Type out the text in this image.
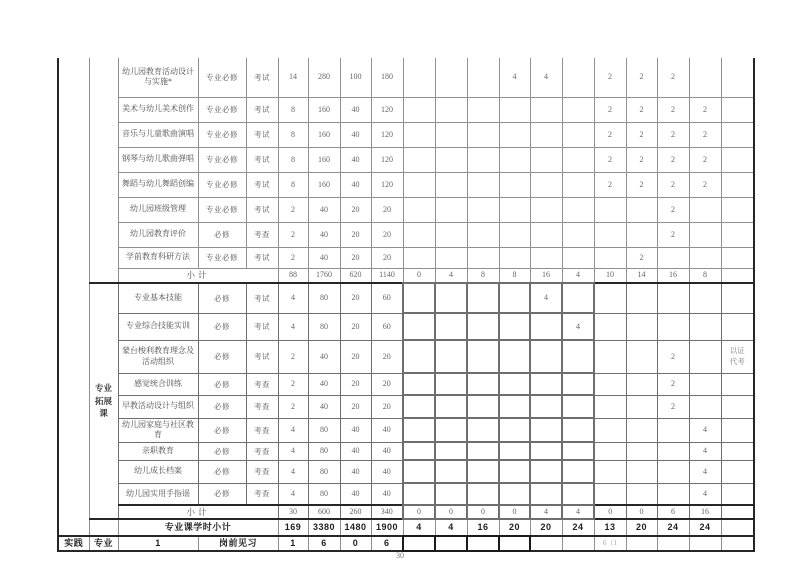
		幼儿园教育活动设计与实施*	专业必修	考试	14	280	100	180				4	4		2	2	2		
		美术与幼儿美术创作	专业必修	考试	8	160	40	120							2	2	2	2	
		音乐与儿童歌曲演唱	专业必修	考试	8	160	40	120							2	2	2	2	
		钢琴与幼儿歌曲弹唱	专业必修	考试	8	160	40	120							2	2	2	2	
		舞蹈与幼儿舞蹈创编	专业必修	考试	8	160	40	120							2	2	2	2	
		幼儿园班级管理	专业必修	考试	2	40	20	20									2		
		幼儿园教育评价	必修	考查	2	40	20	20									2		
		学前教育科研方法	专业必修	考试	2	40	20	20								2			
		小计			88	1760	620	1140	0	4	8	8	16	4	10	14	16	8	
	专业拓展课	专业基本技能	必修	考试	4	80	20	60					4						
		专业综合技能实训	必修	考试	4	80	20	60						4					
		蒙台梭利教育理念及活动组织	必修	考试	2	40	20	20									2		以证代考
		感觉统合训练	必修	考查	2	40	20	20									2		
		早教活动设计与组织	必修	考查	2	40	20	20									2		
		幼儿园家庭与社区教育	必修	考查	4	80	40	40										4	
		亲职教育	必修	考查	4	80	40	40										4	
		幼儿成长档案	必修	考查	4	80	40	40										4	
		幼儿园实用手指谣	必修	考查	4	80	40	40										4	
		小计			30	600	260	340	0	0	0	0	4	4	0	0	6	16	
		专业课学时小计			169	3380	1480	1900	4	4	16	20	20	24	13	20	24	24	
实践	专业	1	岗前见习		1	6	0	6							6（1				
30
